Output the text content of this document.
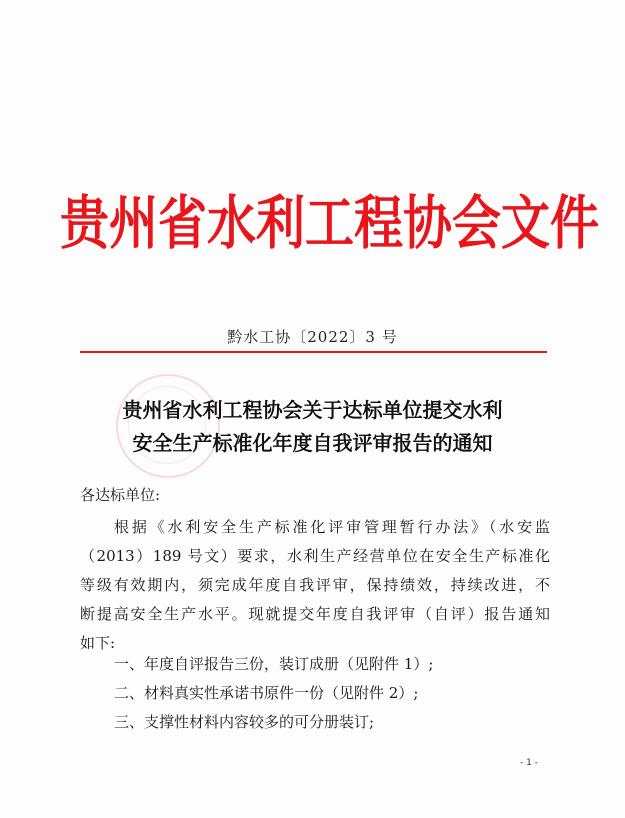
贵州省水利工程协会文件
黔水工协〔2022〕3 号
贵州省水利工程协会关于达标单位提交水利
安全生产标准化年度自我评审报告的通知
各达标单位:
根据《水利安全生产标准化评审管理暂行办法》（水安监
（2013）189 号文）要求，水利生产经营单位在安全生产标准化
等级有效期内，须完成年度自我评审，保持绩效，持续改进，不
断提高安全生产水平。现就提交年度自我评审（自评）报告通知
如下:
一、年度自评报告三份，装订成册（见附件 1）;
二、材料真实性承诺书原件一份（见附件 2）;
三、支撑性材料内容较多的可分册装订;
- 1 -
